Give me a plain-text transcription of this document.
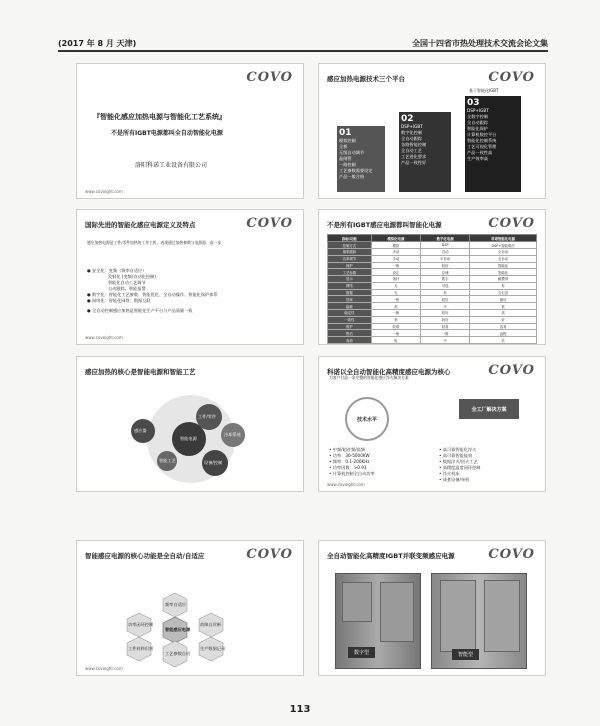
(2017 年 8 月 天津)	全国十四省市热处理技术交流会论文集
COVO
『智能化感应加热电源与智能化工艺系统』
不是所有IGBT电源都叫全自动智能化电源
洛阳科诺工业设备有限公司
www.covoight.com
COVO
感应加热电源技术三个平台
基于智能化IGBT
01
模拟控制
全桥
无级自动调节
晶闸管
一路控制
工艺参数需要设定
产品一般合格
02
DSP+IGBT
数字化控制
全自动跟踪
各路智能控制
全自动工艺
工艺进化要求
产品一致性好
03
DSP+IGBT
全数字控制
全自动跟踪
智能化保护
计算机数控平台
智能化控制系统
工艺可视化管理
产品一致性高
生产效率高
COVO
国际先进的智能化感应电源定义及特点
感应加热电源是工件/零件加热的工作主机，表现通过加热参数与电源器、高一步
● 安全化：变频（频率自适应）
　　　　　发射化 (变频/自动化控制)
　　　　　智能化自动工艺调节
　　　　　自动跟踪、智能报警
● 数字化：智能化工艺参数、智能优化、全自动操作、智能化保护体系
● 网络化：智能化网络，数据互联
● 全自动控制感应加热是智能化生产平台与产品质量一致
www.covoight.com
COVO
不是所有IGBT感应电源都叫智能化电源
指标/功能	模拟化电源	数字化电源	科诺智能化电源
控制方式	模拟	DSP	DSP+智能算法
频率跟踪	手动	自动	全自动
功率调节	手动	半自动	全自动
保护	一般	较好	智能化
工艺参数	设定	存储	智能化
显示	指针	数字	触摸屏
网络	无	可选	有
数据	无	有	全记录
效率	一般	较好	最好
能耗	高	中	低
稳定性	一般	较好	高
一致性	差	较好	好
维护	较难	较易	容易
售后	一般	一般	远程
寿命	短	中	长
感应加热的核心是智能电源和智能工艺
智能电源
工件/零件
感应器
冷却系统
设备/控制
智能工艺
COVO
科诺以全自动智能化高精度感应电源为核心
为客户打造一条完整的智能化感应淬火解决方案
技术水平
全工厂解决方案
• 中频/超音频/高频
• 功率：30-5000KW
• 频率：0.1-200KHz
• 功率因数：>0.93
• 计算机控制全自动功率
• 高可靠智能化淬火
• 高可靠智能能效
• 数据淬火/回火工艺
• 高精度温度闭环控制
• 淬火机床
• 成套设备/单机
www.covoight.com
COVO
智能感应电源的核心功能是全自动/自适应
智能感应电源
频率自适应
功率闭环控制	故障自诊断
工件材料识别
工艺参数自动
生产数据记录
www.covoight.com
COVO
全自动智能化高精度IGBT并联变频感应电源
数字型	智能型
113
